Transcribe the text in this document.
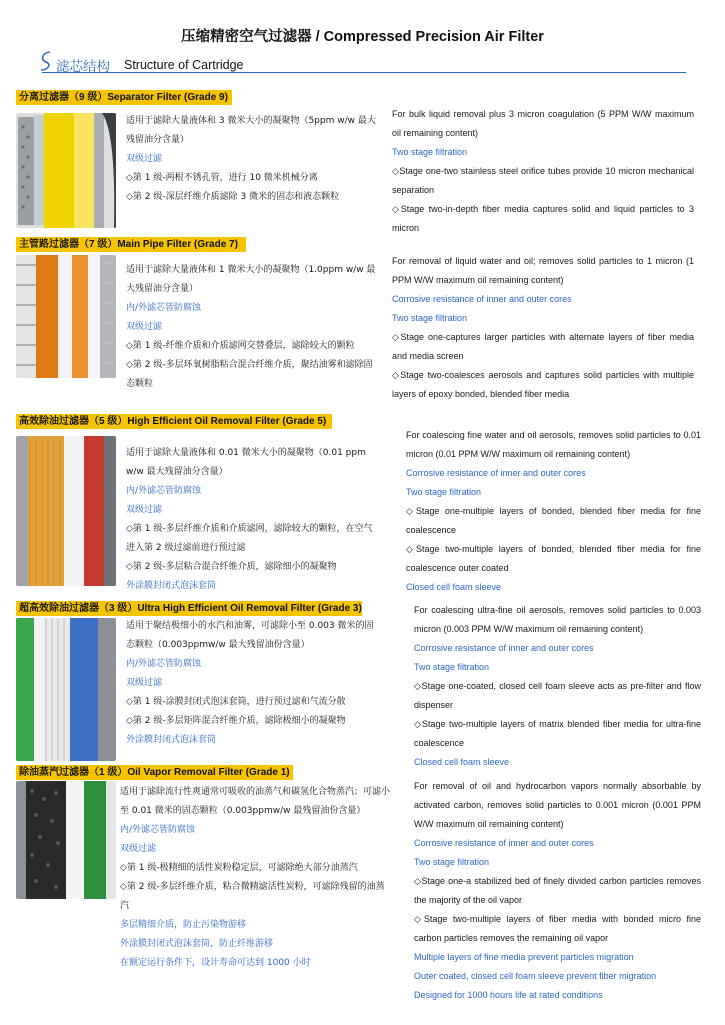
压缩精密空气过滤器 / Compressed Precision Air Filter
滤芯结构 Structure of Cartridge
分离过滤器（9 级）Separator Filter (Grade 9)

适用于滤除大量液体和 3 微米大小的凝聚物（5ppm w/w 最大残留油分含量）

双级过滤

◇第 1 级-两根不锈孔管，进行 10 微米机械分离

◇第 2 级-深层纤维介质滤除 3 微米的固态和液态颗粒

For bulk liquid removal plus 3 micron coagulation (5 PPM W/W maximum oil remaining content)

Two stage filtration

◇Stage one-two stainless steel orifice tubes provide 10 micron mechanical separation

◇Stage two-in-depth fiber media captures solid and liquid particles to 3 micron

主管路过滤器（7 级）Main Pipe Filter (Grade 7)

适用于滤除大量液体和 1 微米大小的凝聚物（1.0ppm w/w 最大残留油分含量）

内/外滤芯皆防腐蚀

双级过滤

◇第 1 级-纤维介质和介质滤网交替叠层，滤除较大的颗粒

◇第 2 级-多层环氧树脂粘合混合纤维介质，聚结油雾和滤除固态颗粒

For removal of liquid water and oil; removes solid particles to 1 micron (1 PPM W/W maximum oil remaining content)

Corrosive resistance of inner and outer cores

Two stage filtration

◇Stage one-captures larger particles with alternate layers of fiber media and media screen

◇Stage two-coalesces aerosols and captures solid particles with multiple layers of epoxy bonded, blended fiber media

高效除油过滤器（5 级）High Efficient Oil Removal Filter (Grade 5)

适用于滤除大量液体和 0.01 微米大小的凝聚物（0.01 ppm w/w 最大残留油分含量）

内/外滤芯皆防腐蚀

双级过滤

◇第 1 级-多层纤维介质和介质滤网，滤除较大的颗粒，在空气进入第 2 级过滤前进行预过滤

◇第 2 级-多层粘合混合纤维介质，滤除细小的凝聚物

外涂膜封闭式泡沫套筒

For coalescing fine water and oil aerosols, removes solid particles to 0.01 micron (0.01 PPM W/W maximum oil remaining content)

Corrosive resistance of inner and outer cores

Two stage filtration

◇Stage one-multiple layers of bonded, blended fiber media for fine coalescence

◇Stage two-multiple layers of bonded, blended fiber media for fine coalescence outer coated

Closed cell foam sleeve

超高效除油过滤器（3 级）Ultra High Efficient Oil Removal Filter (Grade 3)

适用于聚结极细小的水汽和油雾，可滤除小至 0.003 微米的固态颗粒（0.003ppmw/w 最大残留油份含量）

内/外滤芯皆防腐蚀

双级过滤

◇第 1 级-涂膜封闭式泡沫套筒，进行预过滤和气流分散

◇第 2 级-多层矩阵混合纤维介质，滤除极细小的凝聚物

外涂膜封闭式泡沫套筒

For coalescing ultra-fine oil aerosols, removes solid particles to 0.003 micron (0.003 PPM W/W maximum oil remaining content)

Corrosive resistance of inner and outer cores

Two stage filtration

◇Stage one-coated, closed cell foam sleeve acts as pre-filter and flow dispenser

◇Stage two-multiple layers of matrix blended fiber media for ultra-fine coalescence

Closed cell foam sleeve

除油蒸汽过滤器（1 级）Oil Vapor Removal Filter (Grade 1)

适用于滤除流行性爽通常可吸收的油蒸气和碳氢化合物蒸汽；可滤小至 0.01 微米的固态颗粒（0.003ppmw/w 最残留油份含量）

内/外滤芯皆防腐蚀

双级过滤

◇第 1 级-极精细的活性炭粉稳定层，可滤除绝大部分油蒸汽

◇第 2 级-多层纤维介质，粘合微精滤活性炭粉，可滤除残留的油蒸汽

多层精细介质，防止污染物游移

外涂膜封闭式泡沫套筒，防止纤维游移

在额定运行条件下，设计寿命可达到 1000 小时

For removal of oil and hydrocarbon vapors normally absorbable by activated carbon, removes solid particles to 0.001 micron (0.001 PPM W/W maximum oil remaining content)

Corrosive resistance of inner and outer cores

Two stage filtration

◇Stage one-a stabilized bed of finely divided carbon particles removes the majority of the oil vapor

◇Stage two-multiple layers of fiber media with bonded micro fine carbon particles removes the remaining oil vapor

Multiple layers of fine media prevent particles migration

Outer coated, closed cell foam sleeve prevent fiber migration

Designed for 1000 hours life at rated conditions
